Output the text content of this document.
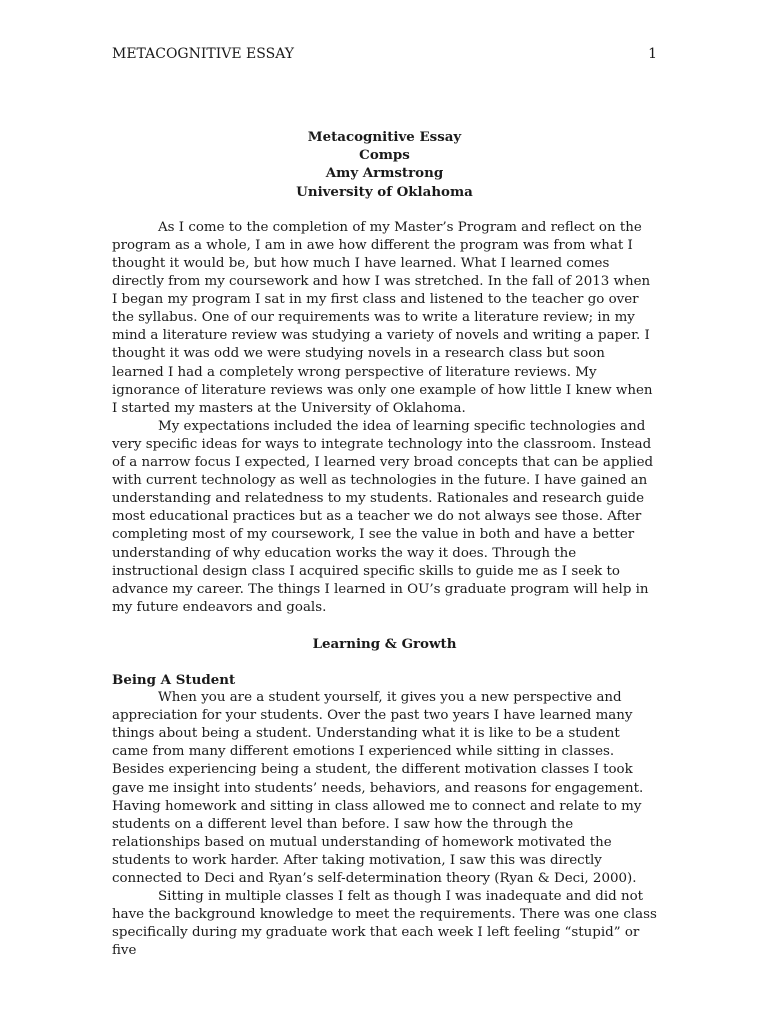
METACOGNITIVE ESSAY	1
Metacognitive Essay
Comps
Amy Armstrong
University of Oklahoma

As I come to the completion of my Master’s Program and reflect on the program as a whole, I am in awe how different the program was from what I thought it would be, but how much I have learned. What I learned comes directly from my coursework and how I was stretched. In the fall of 2013 when I began my program I sat in my first class and listened to the teacher go over the syllabus. One of our requirements was to write a literature review; in my mind a literature review was studying a variety of novels and writing a paper. I thought it was odd we were studying novels in a research class but soon learned I had a completely wrong perspective of literature reviews. My ignorance of literature reviews was only one example of how little I knew when I started my masters at the University of Oklahoma.

My expectations included the idea of learning specific technologies and very specific ideas for ways to integrate technology into the classroom. Instead of a narrow focus I expected, I learned very broad concepts that can be applied with current technology as well as technologies in the future. I have gained an understanding and relatedness to my students. Rationales and research guide most educational practices but as a teacher we do not always see those. After completing most of my coursework, I see the value in both and have a better understanding of why education works the way it does. Through the instructional design class I acquired specific skills to guide me as I seek to advance my career. The things I learned in OU’s graduate program will help in my future endeavors and goals.

Learning & Growth

Being A Student

When you are a student yourself, it gives you a new perspective and appreciation for your students. Over the past two years I have learned many things about being a student. Understanding what it is like to be a student came from many different emotions I experienced while sitting in classes. Besides experiencing being a student, the different motivation classes I took gave me insight into students’ needs, behaviors, and reasons for engagement. Having homework and sitting in class allowed me to connect and relate to my students on a different level than before. I saw how the through the relationships based on mutual understanding of homework motivated the students to work harder. After taking motivation, I saw this was directly connected to Deci and Ryan’s self-determination theory (Ryan & Deci, 2000).

Sitting in multiple classes I felt as though I was inadequate and did not have the background knowledge to meet the requirements. There was one class specifically during my graduate work that each week I left feeling “stupid” or five
